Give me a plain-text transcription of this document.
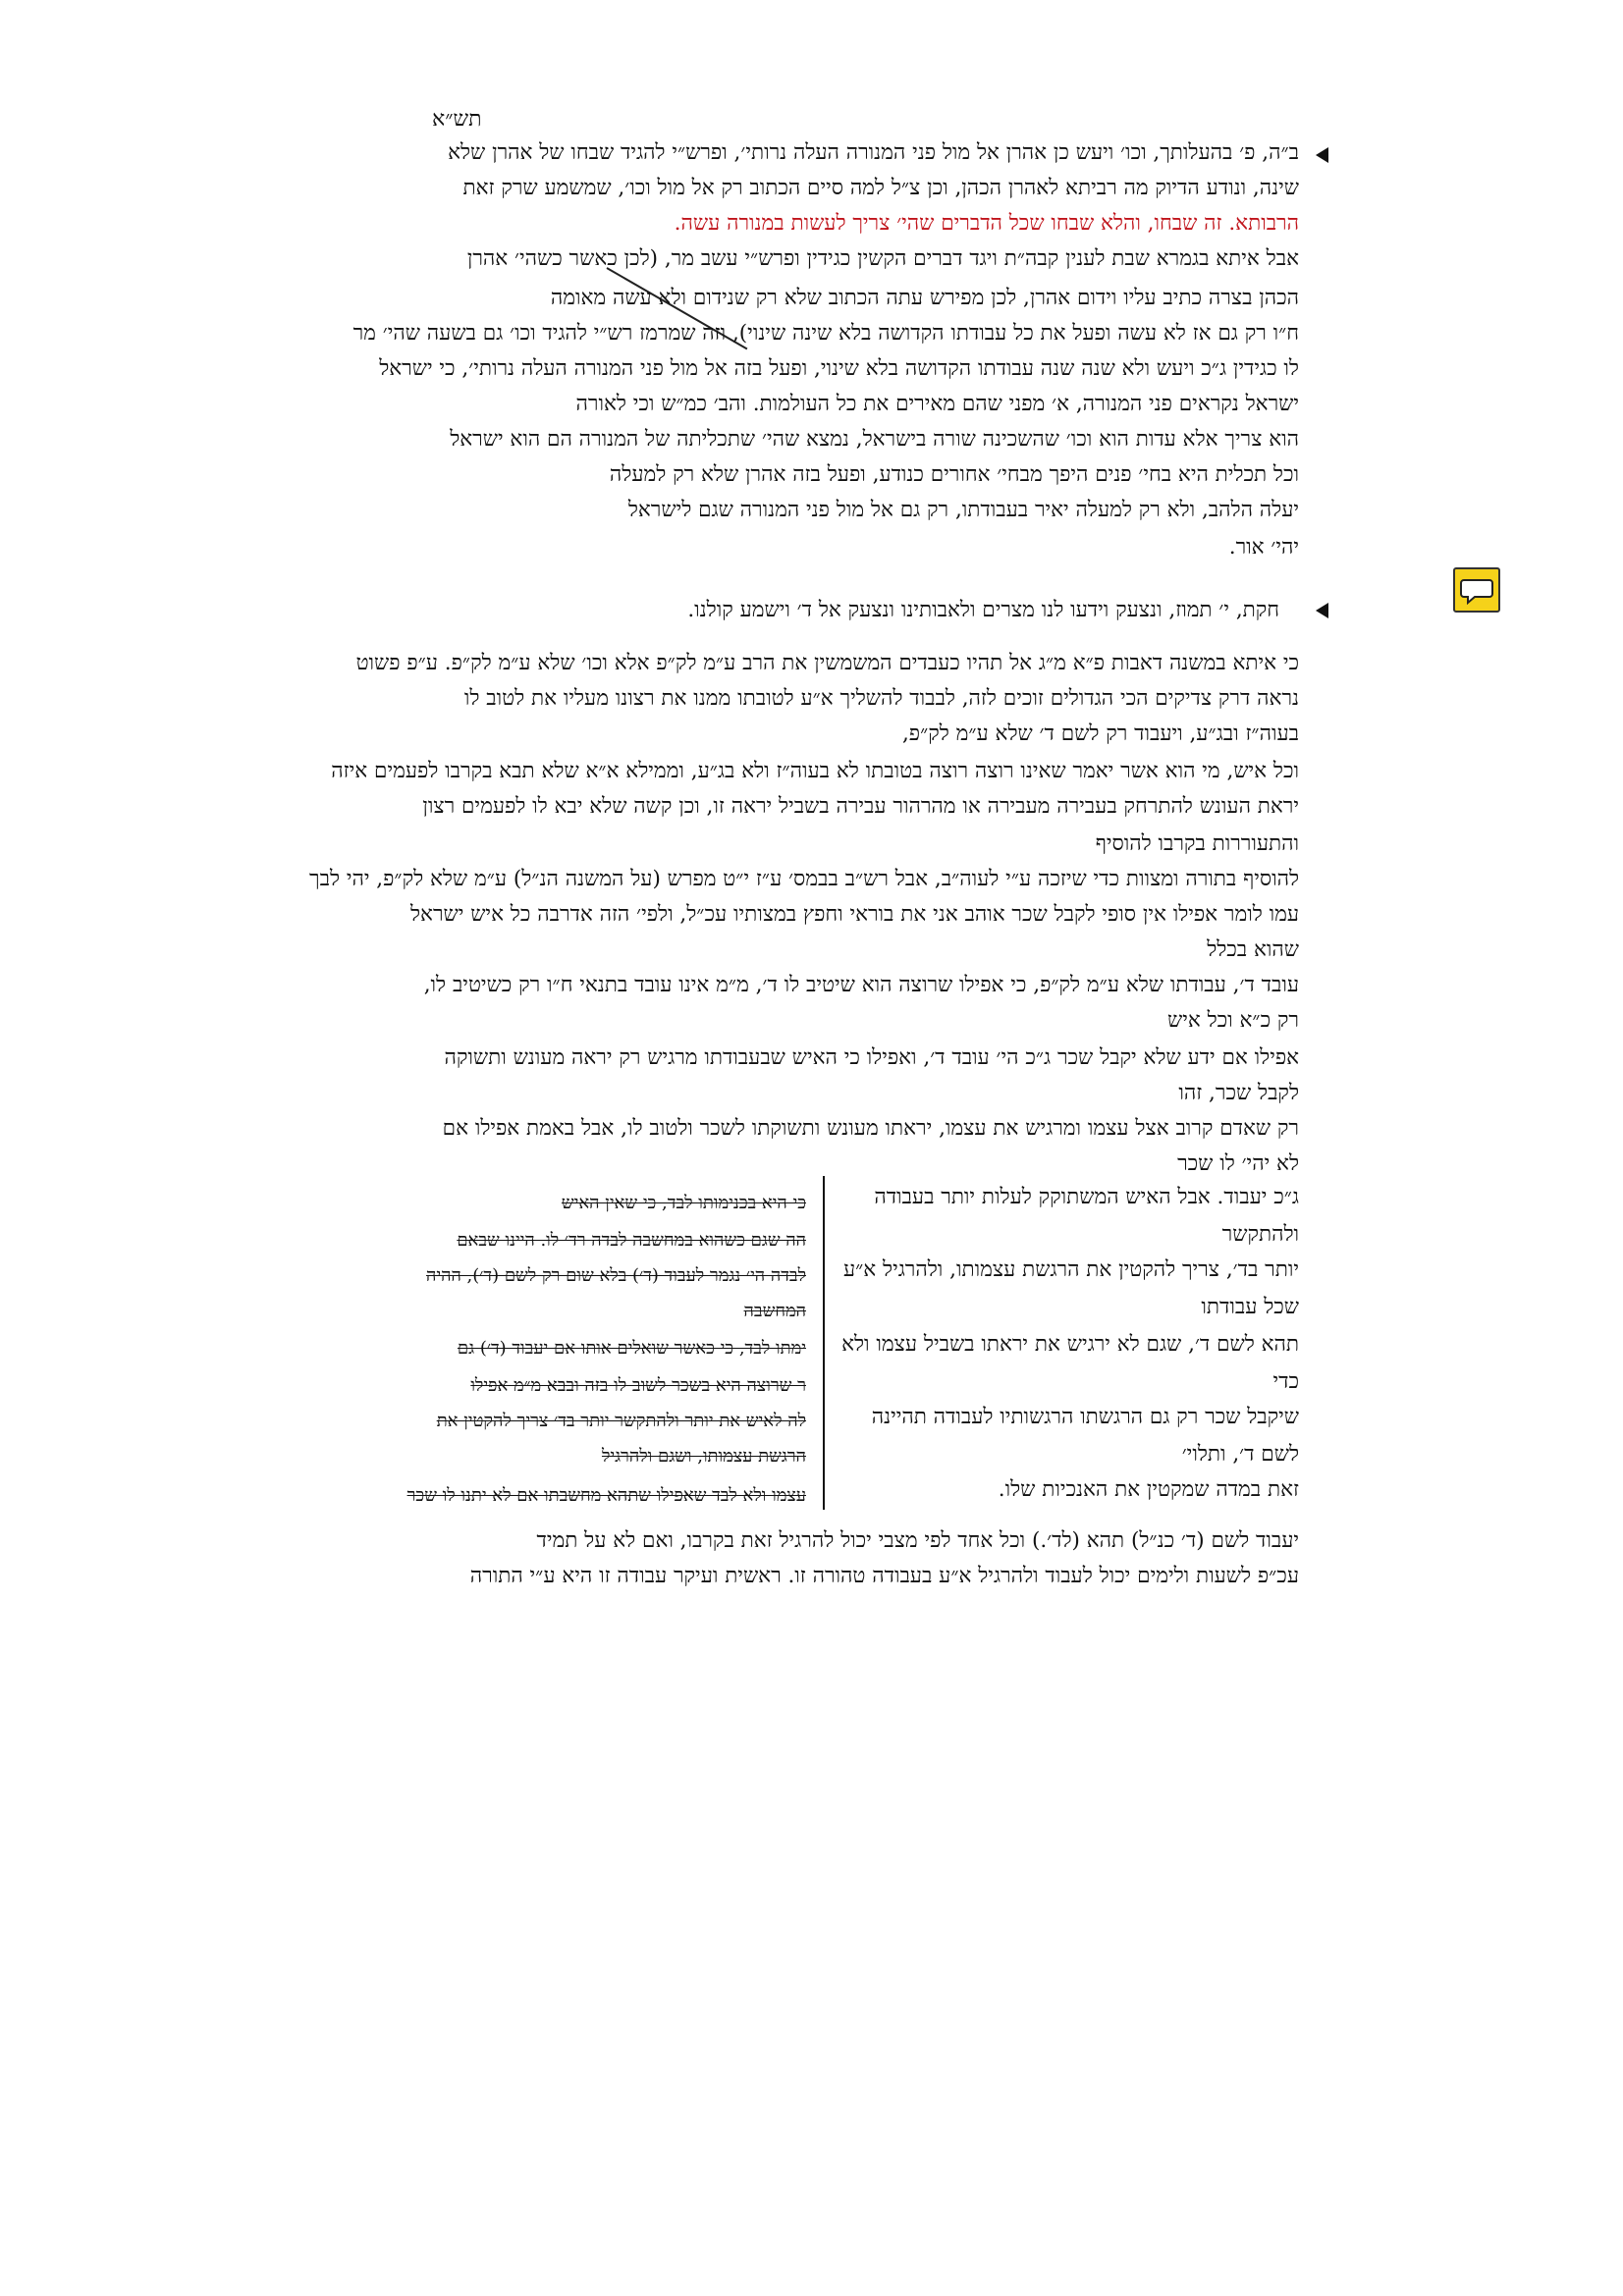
תש״א
ב״ה, פ׳ בהעלותך, וכו׳ ויעש כן אהרן אל מול פני המנורה העלה נרותי׳, ופרש״י להגיד שבחו של אהרן שלא
שינה, ונודע הדיוק מה רביתא לאהרן הכהן, וכן צ״ל למה סיים הכתוב רק אל מול וכו׳, שמשמע שרק זאת
הרבותא. זה שבחו, והלא שבחו שכל הדברים שהי׳ צריך לעשות במנורה עשה.
אבל איתא בגמרא שבת לענין קבה״ת ויגד דברים הקשין כגידין ופרש״י עשב מר, (לכן כאשר כשהי׳ אהרן
הכהן בצרה כתיב עליו וידום אהרן, לכן מפירש עתה הכתוב שלא רק שנידום ולא עשה מאומה
ח״ו רק גם אז לא עשה ופעל את כל עבודתו הקדושה בלא שינה שינוי), וזה שמרמז רש״י להגיד וכו׳ גם בשעה שהי׳ מר
לו כגידין ג״כ ויעש ולא שנה שנה עבודתו הקדושה בלא שינוי, ופעל בזה אל מול פני המנורה העלה נרותי׳, כי ישראל
ישראל נקראים פני המנורה, א׳ מפני שהם מאירים את כל העולמות. והב׳ כמ״ש וכי לאורה
הוא צריך אלא עדות הוא וכו׳ שהשכינה שורה בישראל, נמצא שהי׳ שתכליתה של המנורה הם הוא ישראל
וכל תכלית היא בחי׳ פנים היפך מבחי׳ אחורים כנודע, ופעל בזה אהרן שלא רק למעלה
יעלה הלהב, ולא רק למעלה יאיר בעבודתו, רק גם אל מול פני המנורה שגם לישראל
יהי׳ אור.
חקת, י׳ תמוז, ונצעק וידעו לנו מצרים ולאבותינו ונצעק אל ד׳ וישמע קולנו.
כי איתא במשנה דאבות פ״א מ״ג אל תהיו כעבדים המשמשין את הרב ע״מ לק״פ אלא וכו׳ שלא ע״מ לק״פ. ע״פ פשוט
נראה דרק צדיקים הכי הגדולים זוכים לזה, לבבוד להשליך א״ע לטובתו ממנו את רצונו מעליו את לטוב לו
בעוה״ז ובג״ע, ויעבוד רק לשם ד׳ שלא ע״מ לק״פ,
וכל איש, מי הוא אשר יאמר שאינו רוצה רוצה בטובתו לא בעוה״ז ולא בג״ע, וממילא א״א שלא תבא בקרבו לפעמים איזה
יראת העונש להתרחק בעבירה מעבירה או מהרהור עבירה בשביל יראה זו, וכן קשה שלא יבא לו לפעמים רצון
והתעוררות בקרבו להוסיף
להוסיף בתורה ומצוות כדי שיזכה ע״י לעוה״ב, אבל רש״ב בבמס׳ ע״ז י״ט מפרש (על המשנה הנ״ל) ע״מ שלא לק״פ, יהי לבך
עמו לומר אפילו אין סופי לקבל שכר אוהב אני את בוראי וחפץ במצותיו עכ״ל, ולפי׳ הזה אדרבה כל איש ישראל
שהוא בכלל
עובד ד׳, עבודתו שלא ע״מ לק״פ, כי אפילו שרוצה הוא שיטיב לו ד׳, מ״מ אינו עובד בתנאי ח״ו רק כשיטיב לו,
רק כ״א וכל איש
אפילו אם ידע שלא יקבל שכר ג״כ הי׳ עובד ד׳, ואפילו כי האיש שבעבודתו מרגיש רק יראה מעונש ותשוקה
לקבל שכר, זהו
רק שאדם קרוב אצל עצמו ומרגיש את עצמו, יראתו מעונש ותשוקתו לשכר ולטוב לו, אבל באמת אפילו אם
לא יהי׳ לו שכר
ג״כ יעבוד. אבל האיש המשתוקק לעלות יותר בעבודה
ולהתקשר
יותר בד׳, צריך להקטין את הרגשת עצמותו, ולהרגיל א״ע
שכל עבודתו
תהא לשם ד׳, שגם לא ירגיש את יראתו בשביל עצמו ולא
כדי
שיקבל שכר רק גם הרגשתו הרגשותיו לעבודה תהיינה
לשם ד׳, ותלוי׳
זאת במדה שמקטין את האנכיות שלו.
כי היא בכנימותו לבד, כי שאין האיש
הה שגם כשהוא במחשבה לבדה רד׳ לו. היינו שבאם
לבדה הי׳ נגמר לעבוד (ד׳) בלא שום רק לשם (ד׳), ההיה
המחשבה
ימתו לבד, כי כאשר שואלים אותו אם יעבוד (ד׳) גם
ר שרוצה היא בשכר לשוב לו בזה ובבא מ״מ אפילו
לה לאיש את יותר ולהתקשר יותר בד׳ צריך להקטין את
הרגשת עצמותו, ושגם ולהרגיל
עצמו ולא לבד שאפילו שתהא מחשבתו אם לא יתנו לו שכר
יעבוד לשם (ד׳ כנ״ל) תהא (לד׳.) וכל אחד לפי מצבי יכול להרגיל זאת בקרבו, ואם לא על תמיד
עכ״פ לשעות ולימים יכול לעבוד ולהרגיל א״ע בעבודה טהורה זו. ראשית ועיקר עבודה זו היא ע״י התורה
